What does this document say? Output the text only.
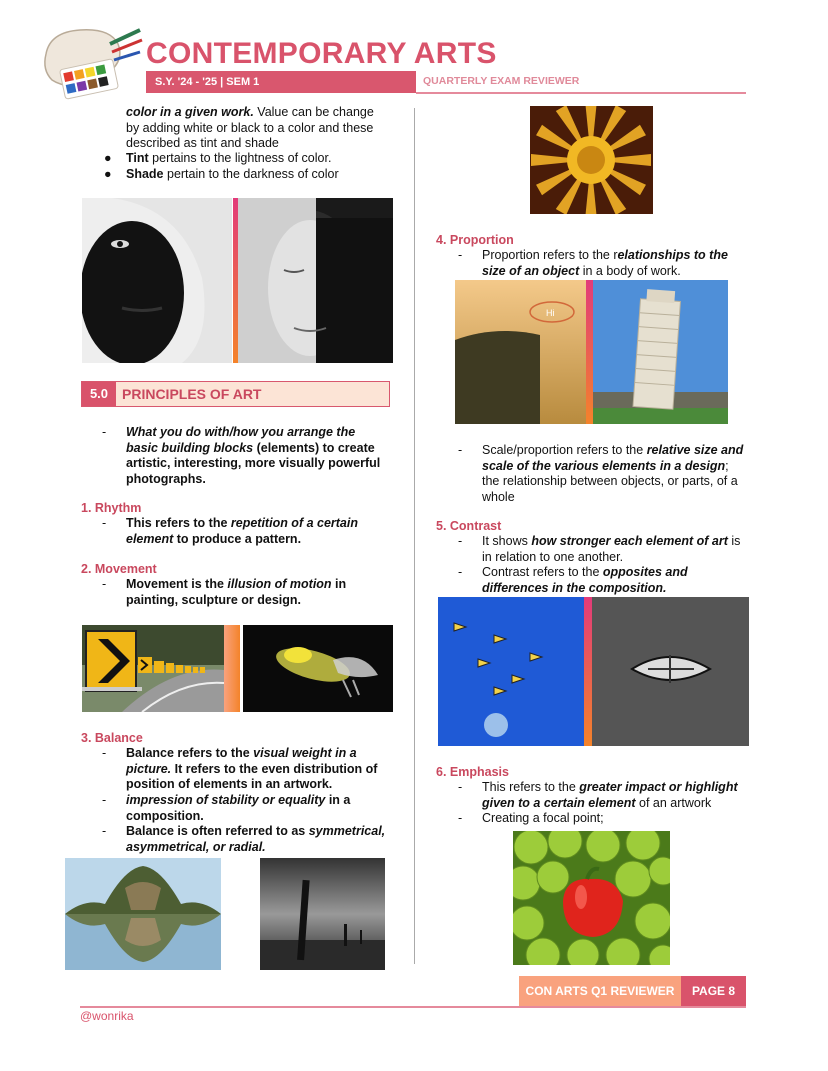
CONTEMPORARY ARTS
S.Y. '24 - '25 | SEM 1	QUARTERLY EXAM REVIEWER
color in a given work. Value can be change by adding white or black to a color and these described as tint and shade
● Tint pertains to the lightness of color.
● Shade pertain to the darkness of color
5.0 PRINCIPLES OF ART
-	What you do with/how you arrange the basic building blocks (elements) to create artistic, interesting, more visually powerful photographs.
1. Rhythm
- This refers to the repetition of a certain element to produce a pattern.
2. Movement
- Movement is the illusion of motion in painting, sculpture or design.
3. Balance
- Balance refers to the visual weight in a picture. It refers to the even distribution of position of elements in an artwork.
- impression of stability or equality in a composition.
- Balance is often referred to as symmetrical, asymmetrical, or radial.
4. Proportion
- Proportion refers to the relationships to the size of an object in a body of work.
Hi
- Scale/proportion refers to the relative size and scale of the various elements in a design; the relationship between objects, or parts, of a whole
5. Contrast
- It shows how stronger each element of art is in relation to one another.
- Contrast refers to the opposites and differences in the composition.
6. Emphasis
- This refers to the greater impact or highlight given to a certain element of an artwork
- Creating a focal point;
CON ARTS Q1 REVIEWER	PAGE 8
@wonrika
